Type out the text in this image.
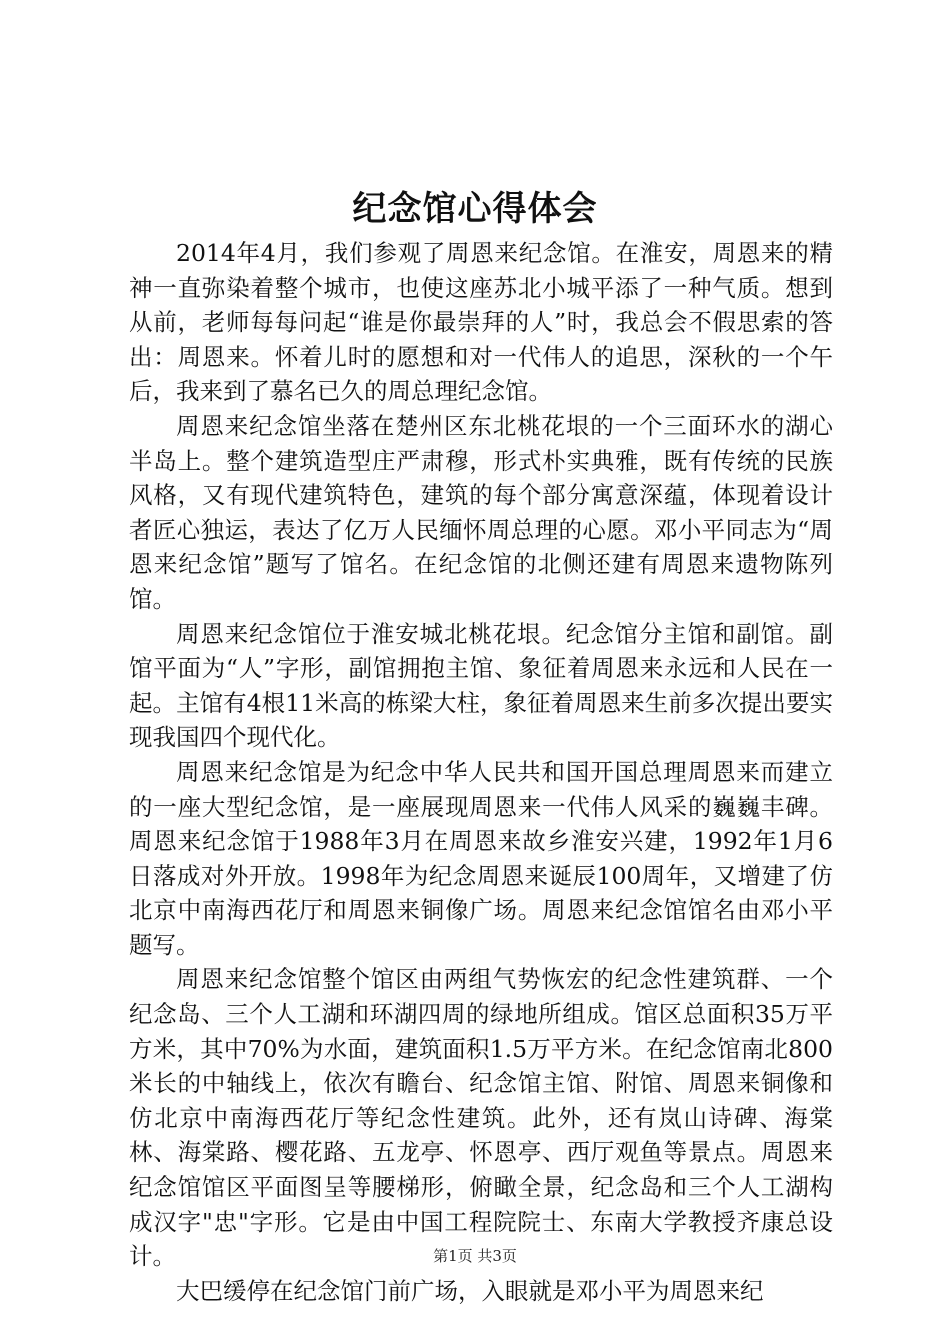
纪念馆心得体会

2014年4月，我们参观了周恩来纪念馆。在淮安，周恩来的精神一直弥染着整个城市，也使这座苏北小城平添了一种气质。想到从前，老师每每问起“谁是你最崇拜的人”时，我总会不假思索的答出：周恩来。怀着儿时的愿想和对一代伟人的追思，深秋的一个午后，我来到了慕名已久的周总理纪念馆。

周恩来纪念馆坐落在楚州区东北桃花垠的一个三面环水的湖心半岛上。整个建筑造型庄严肃穆，形式朴实典雅，既有传统的民族风格，又有现代建筑特色，建筑的每个部分寓意深蕴，体现着设计者匠心独运，表达了亿万人民缅怀周总理的心愿。邓小平同志为“周恩来纪念馆”题写了馆名。在纪念馆的北侧还建有周恩来遗物陈列馆。

周恩来纪念馆位于淮安城北桃花垠。纪念馆分主馆和副馆。副馆平面为“人”字形，副馆拥抱主馆、象征着周恩来永远和人民在一起。主馆有4根11米高的栋梁大柱，象征着周恩来生前多次提出要实现我国四个现代化。

周恩来纪念馆是为纪念中华人民共和国开国总理周恩来而建立的一座大型纪念馆，是一座展现周恩来一代伟人风采的巍巍丰碑。周恩来纪念馆于1988年3月在周恩来故乡淮安兴建，1992年1月6日落成对外开放。1998年为纪念周恩来诞辰100周年，又增建了仿北京中南海西花厅和周恩来铜像广场。周恩来纪念馆馆名由邓小平题写。

周恩来纪念馆整个馆区由两组气势恢宏的纪念性建筑群、一个纪念岛、三个人工湖和环湖四周的绿地所组成。馆区总面积35万平方米，其中70%为水面，建筑面积1.5万平方米。在纪念馆南北800米长的中轴线上，依次有瞻台、纪念馆主馆、附馆、周恩来铜像和仿北京中南海西花厅等纪念性建筑。此外，还有岚山诗碑、海棠林、海棠路、樱花路、五龙亭、怀恩亭、西厅观鱼等景点。周恩来纪念馆馆区平面图呈等腰梯形，俯瞰全景，纪念岛和三个人工湖构成汉字"忠"字形。它是由中国工程院院士、东南大学教授齐康总设计。

大巴缓停在纪念馆门前广场，入眼就是邓小平为周恩来纪

第1页 共3页
